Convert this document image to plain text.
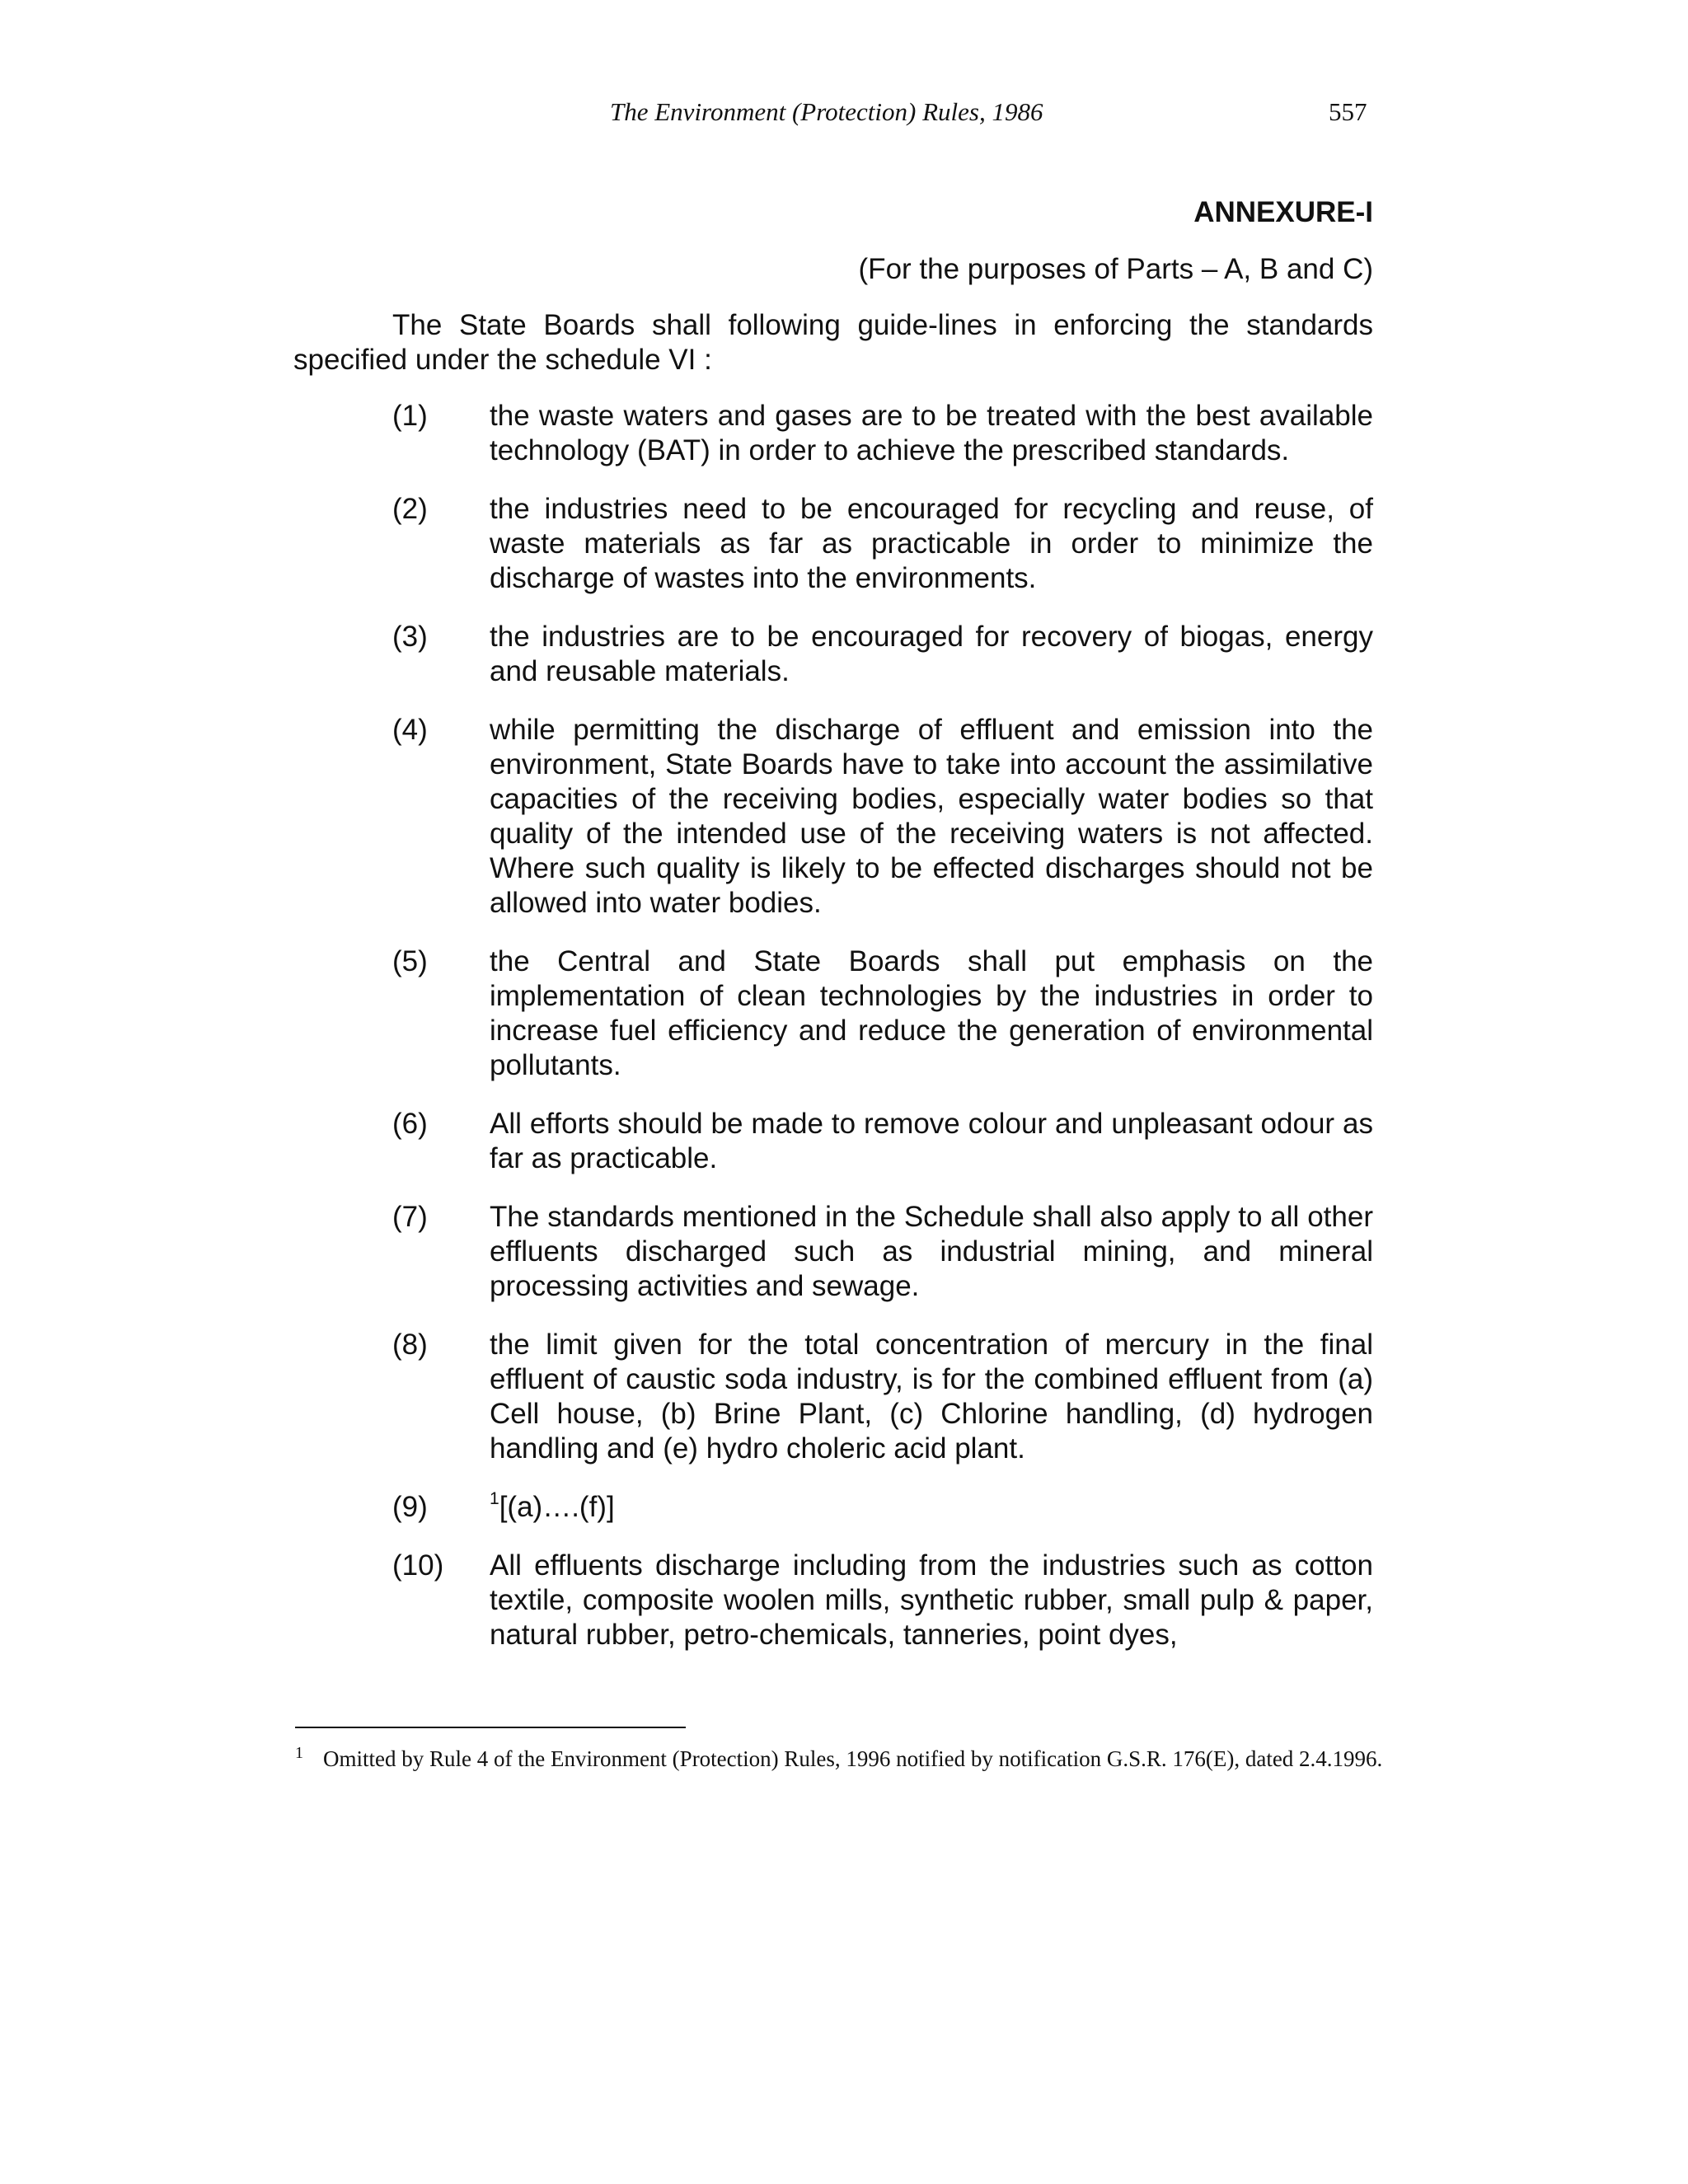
The Environment (Protection) Rules, 1986	557
ANNEXURE-I
(For the purposes of Parts – A, B and C)
The State Boards shall following guide-lines in enforcing the standards specified under the schedule VI :
(1)	the waste waters and gases are to be treated with the best available technology (BAT) in order to achieve the prescribed standards.
(2)	the industries need to be encouraged for recycling and reuse, of waste materials as far as practicable in order to minimize the discharge of wastes into the environments.
(3)	the industries are to be encouraged for recovery of biogas, energy and reusable materials.
(4)	while permitting the discharge of effluent and emission into the environment, State Boards have to take into account the assimilative capacities of the receiving bodies, especially water bodies so that quality of the intended use of the receiving waters is not affected. Where such quality is likely to be effected discharges should not be allowed into water bodies.
(5)	the Central and State Boards shall put emphasis on the implementation of clean technologies by the industries in order to increase fuel efficiency and reduce the generation of environmental pollutants.
(6)	All efforts should be made to remove colour and unpleasant odour as far as practicable.
(7)	The standards mentioned in the Schedule shall also apply to all other effluents discharged such as industrial mining, and mineral processing activities and sewage.
(8)	the limit given for the total concentration of mercury in the final effluent of caustic soda industry, is for the combined effluent from (a) Cell house, (b) Brine Plant, (c) Chlorine handling, (d) hydrogen handling and (e) hydro choleric acid plant.
(9)	$^1$[(a)….(f)]
(10)	All effluents discharge including from the industries such as cotton textile, composite woolen mills, synthetic rubber, small pulp & paper, natural rubber, petro-chemicals, tanneries, point dyes,
1 Omitted by Rule 4 of the Environment (Protection) Rules, 1996 notified by notification G.S.R. 176(E), dated 2.4.1996.
